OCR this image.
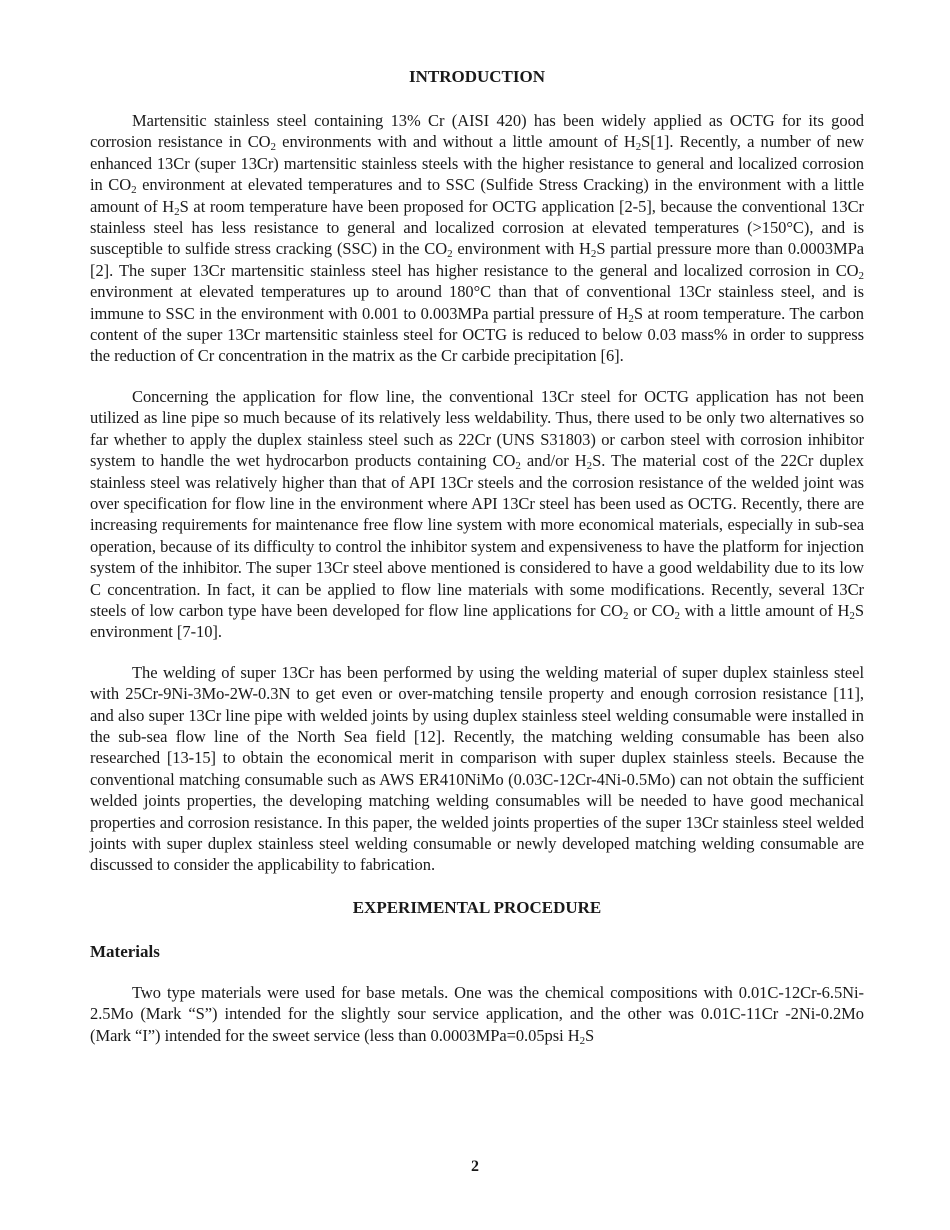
INTRODUCTION

Martensitic stainless steel containing 13% Cr (AISI 420) has been widely applied as OCTG for its good corrosion resistance in $CO_2$ environments with and without a little amount of $H_2S[1]$. Recently, a number of new enhanced 13Cr (super 13Cr) martensitic stainless steels with the higher resistance to general and localized corrosion in $CO_2$ environment at elevated temperatures and to SSC (Sulfide Stress Cracking) in the environment with a little amount of $H_2S$ at room temperature have been proposed for OCTG application [2-5], because the conventional 13Cr stainless steel has less resistance to general and localized corrosion at elevated temperatures (>150°C), and is susceptible to sulfide stress cracking (SSC) in the $CO_2$ environment with $H_2S$ partial pressure more than 0.0003MPa [2]. The super 13Cr martensitic stainless steel has higher resistance to the general and localized corrosion in $CO_2$ environment at elevated temperatures up to around 180°C than that of conventional 13Cr stainless steel, and is immune to SSC in the environment with 0.001 to 0.003MPa partial pressure of $H_2S$ at room temperature. The carbon content of the super 13Cr martensitic stainless steel for OCTG is reduced to below 0.03 mass% in order to suppress the reduction of Cr concentration in the matrix as the Cr carbide precipitation [6].

Concerning the application for flow line, the conventional 13Cr steel for OCTG application has not been utilized as line pipe so much because of its relatively less weldability. Thus, there used to be only two alternatives so far whether to apply the duplex stainless steel such as 22Cr (UNS S31803) or carbon steel with corrosion inhibitor system to handle the wet hydrocarbon products containing $CO_2$ and/or $H_2S$. The material cost of the 22Cr duplex stainless steel was relatively higher than that of API 13Cr steels and the corrosion resistance of the welded joint was over specification for flow line in the environment where API 13Cr steel has been used as OCTG. Recently, there are increasing requirements for maintenance free flow line system with more economical materials, especially in sub-sea operation, because of its difficulty to control the inhibitor system and expensiveness to have the platform for injection system of the inhibitor. The super 13Cr steel above mentioned is considered to have a good weldability due to its low C concentration. In fact, it can be applied to flow line materials with some modifications. Recently, several 13Cr steels of low carbon type have been developed for flow line applications for $CO_2$ or $CO_2$ with a little amount of $H_2S$ environment [7-10].

The welding of super 13Cr has been performed by using the welding material of super duplex stainless steel with 25Cr-9Ni-3Mo-2W-0.3N to get even or over-matching tensile property and enough corrosion resistance [11], and also super 13Cr line pipe with welded joints by using duplex stainless steel welding consumable were installed in the sub-sea flow line of the North Sea field [12]. Recently, the matching welding consumable has been also researched [13-15] to obtain the economical merit in comparison with super duplex stainless steels. Because the conventional matching consumable such as AWS ER410NiMo (0.03C-12Cr-4Ni-0.5Mo) can not obtain the sufficient welded joints properties, the developing matching welding consumables will be needed to have good mechanical properties and corrosion resistance. In this paper, the welded joints properties of the super 13Cr stainless steel welded joints with super duplex stainless steel welding consumable or newly developed matching welding consumable are discussed to consider the applicability to fabrication.

EXPERIMENTAL PROCEDURE
Materials

Two type materials were used for base metals. One was the chemical compositions with 0.01C-12Cr-6.5Ni-2.5Mo (Mark “S”) intended for the slightly sour service application, and the other was 0.01C-11Cr -2Ni-0.2Mo (Mark “I”) intended for the sweet service (less than 0.0003MPa=0.05psi $H_2S$

2
